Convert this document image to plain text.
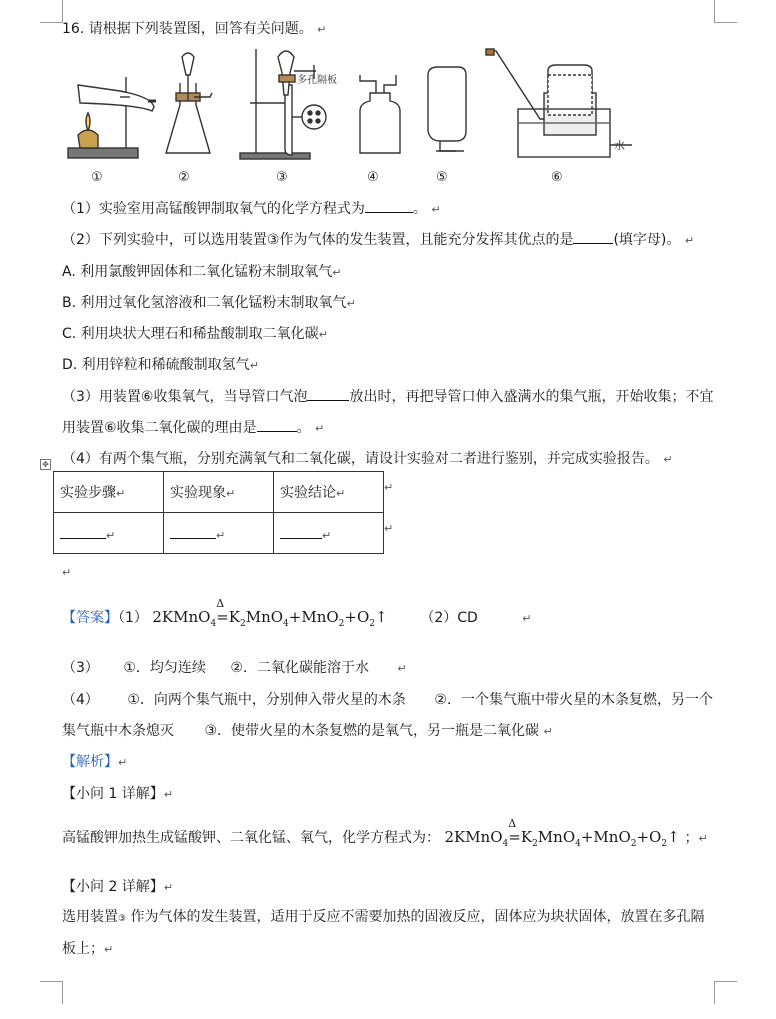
16. 请根据下列装置图，回答有关问题。 ↵
多孔隔板
水
①	②	③	④	⑤	⑥
（1）实验室用高锰酸钾制取氧气的化学方程式为	。 ↵
（2）下列实验中，可以选用装置③作为气体的发生装置，且能充分发挥其优点的是	(填字母)。 ↵
A. 利用氯酸钾固体和二氧化锰粉末制取氧气↵
B. 利用过氧化氢溶液和二氧化锰粉末制取氧气↵
C. 利用块状大理石和稀盐酸制取二氧化碳↵
D. 利用锌粒和稀硫酸制取氢气↵
（3）用装置⑥收集氧气，当导管口气泡	放出时，再把导管口伸入盛满水的集气瓶，开始收集；不宜
用装置⑥收集二氧化碳的理由是	。 ↵
✥ （4）有两个集气瓶，分别充满氧气和二氧化碳，请设计实验对二者进行鉴别，并完成实验报告。 ↵
实验步骤↵	实验现象↵	实验结论↵
↵	↵	↵
↵
↵
↵
【答案】（1） 2KMnO$_4$
Δ
$=K_2MnO_4+MnO_2+O_2↑$ （2）CD	↵
（3） ①．均匀连续 ②．二氧化碳能溶于水	↵
（4） ①．向两个集气瓶中，分别伸入带火星的木条 ②．一个集气瓶中带火星的木条复燃，另一个
集气瓶中木条熄灭 ③．使带火星的木条复燃的是氧气，另一瓶是二氧化碳 ↵
【解析】↵
【小问 1 详解】↵
高锰酸钾加热生成锰酸钾、二氧化锰、氧气，化学方程式为： 2KMnO$_4$
Δ
$=K_2MnO_4+MnO_2+O_2↑$ ；↵
【小问 2 详解】↵
选用装置③ 作为气体的发生装置，适用于反应不需要加热的固液反应，固体应为块状固体，放置在多孔隔
板上；↵
